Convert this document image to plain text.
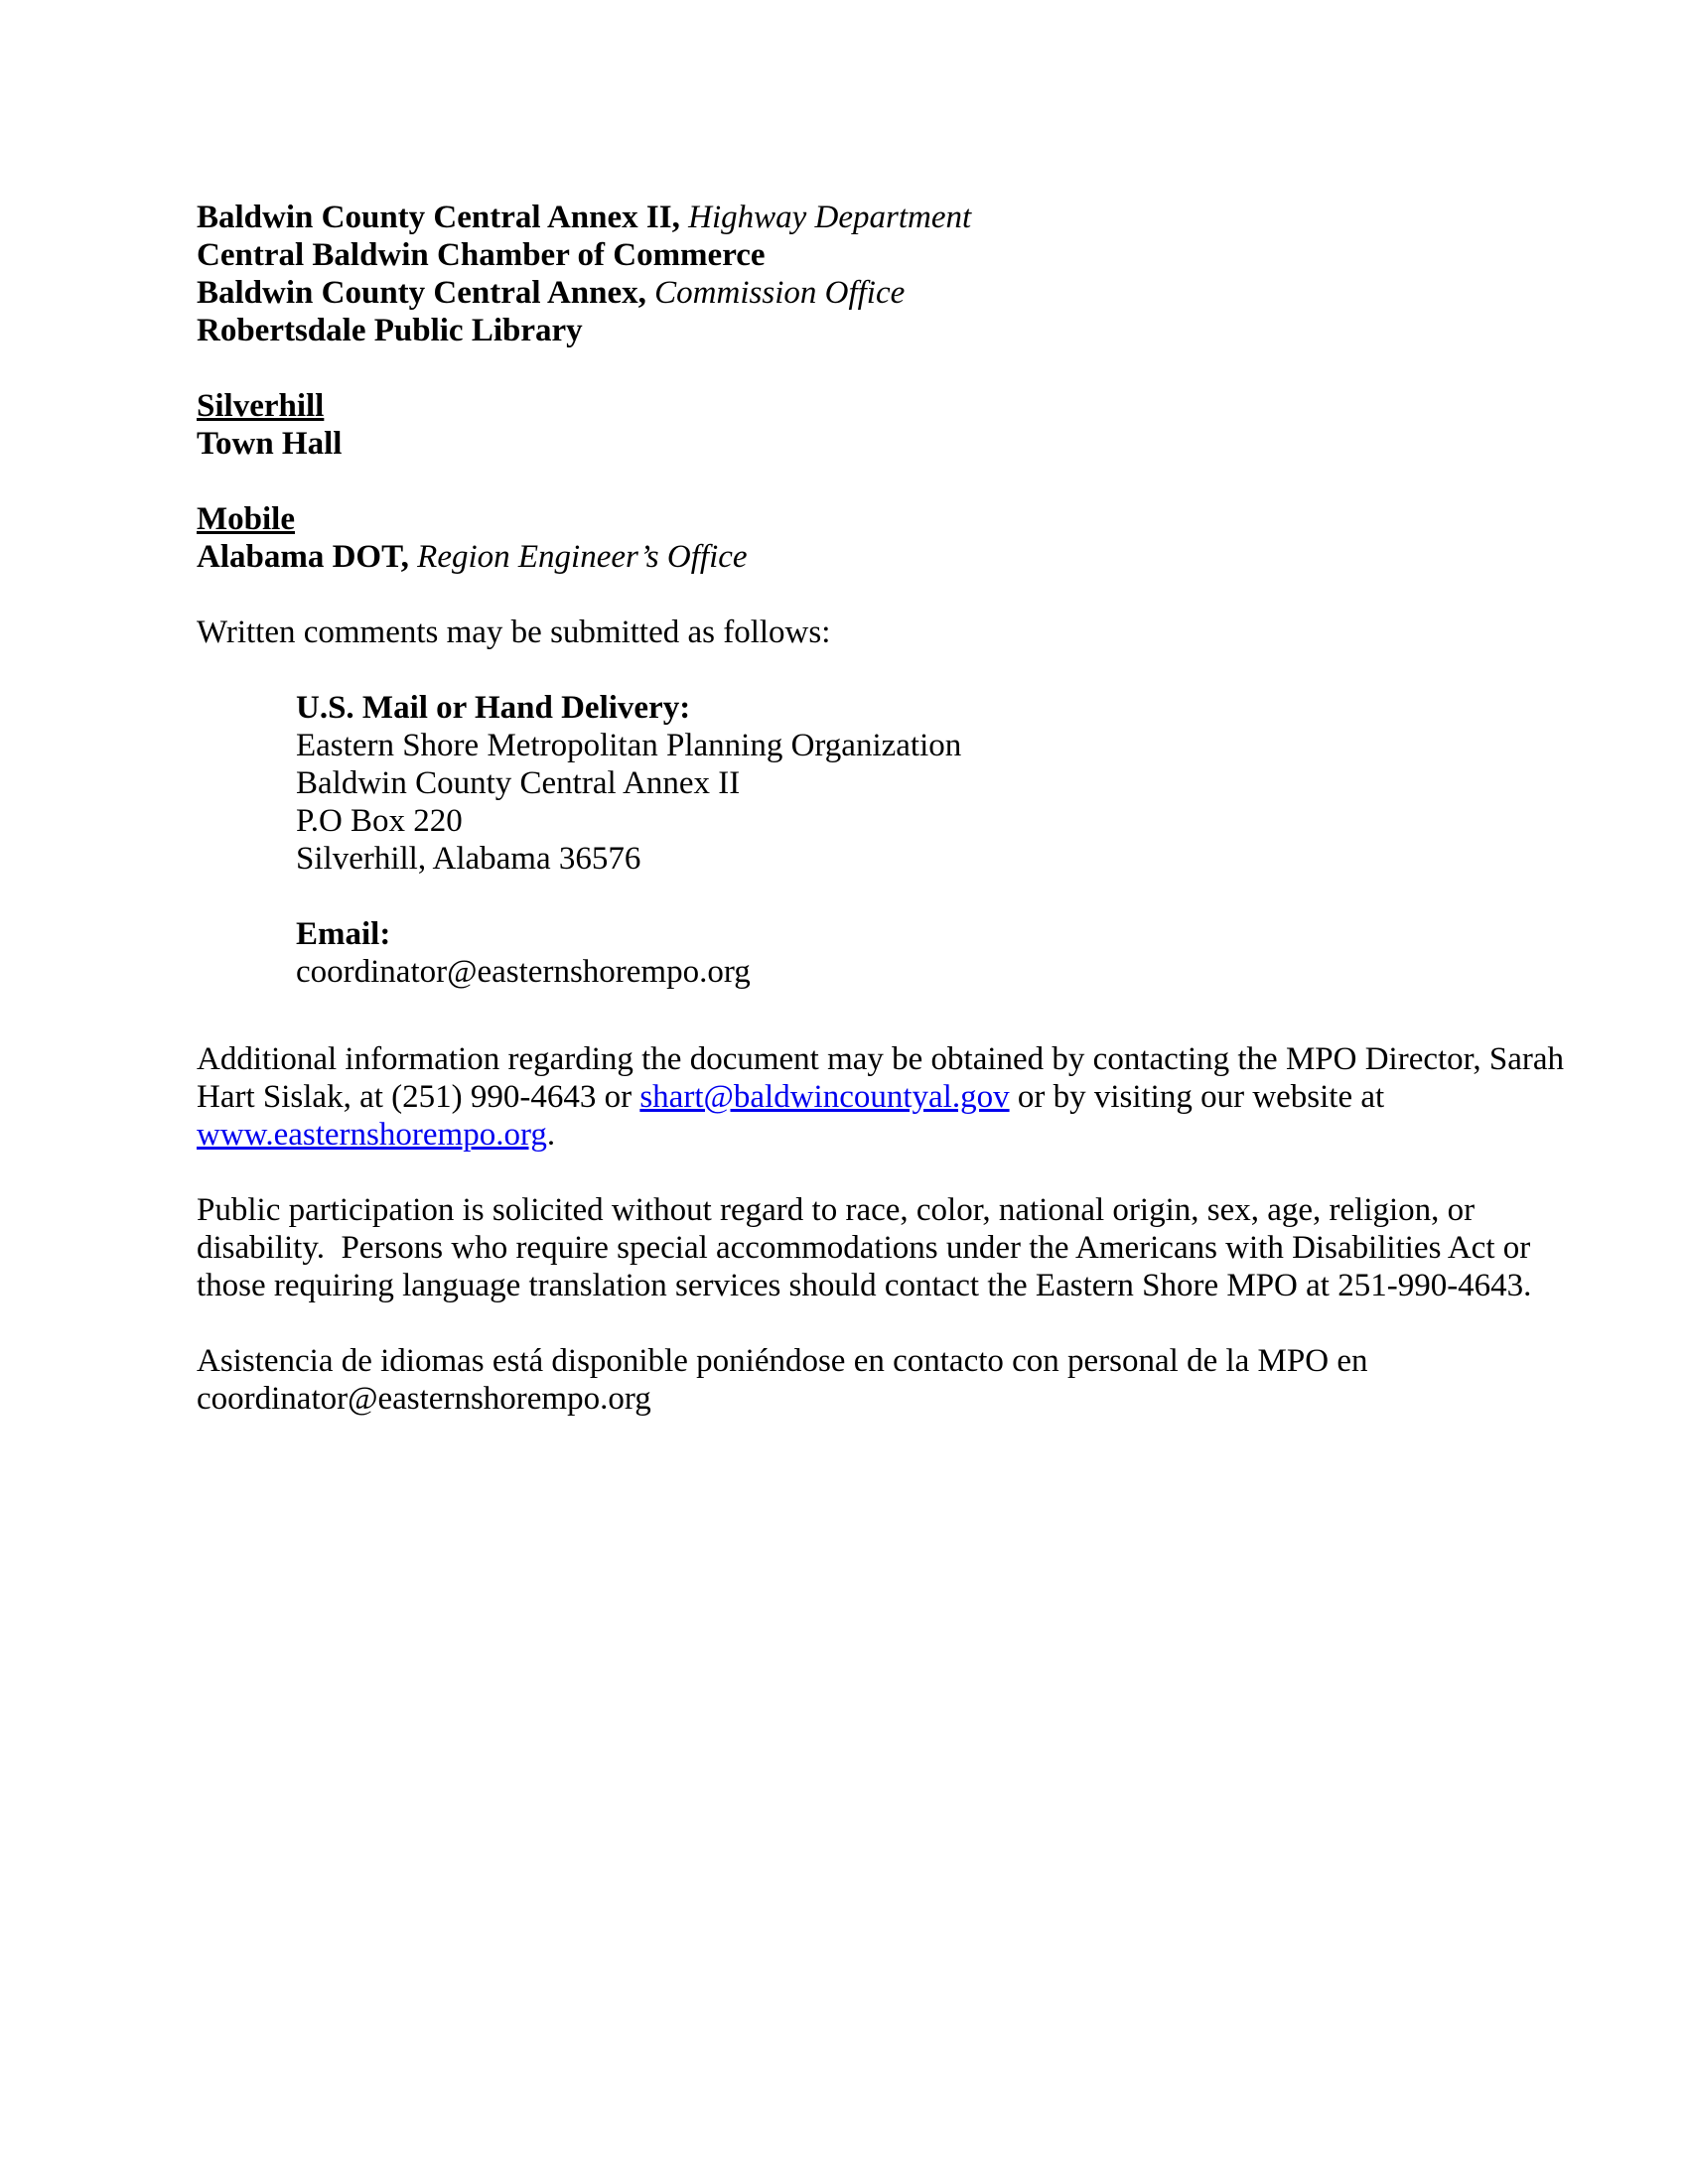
Baldwin County Central Annex II, Highway Department
Central Baldwin Chamber of Commerce
Baldwin County Central Annex, Commission Office
Robertsdale Public Library

Silverhill
Town Hall

Mobile
Alabama DOT, Region Engineer’s Office

Written comments may be submitted as follows:

U.S. Mail or Hand Delivery:
Eastern Shore Metropolitan Planning Organization
Baldwin County Central Annex II
P.O Box 220
Silverhill, Alabama 36576

Email:
coordinator@easternshorempo.org

Additional information regarding the document may be obtained by contacting the MPO Director, Sarah
Hart Sislak, at (251) 990-4643 or shart@baldwincountyal.gov or by visiting our website at
www.easternshorempo.org.

Public participation is solicited without regard to race, color, national origin, sex, age, religion, or
disability.  Persons who require special accommodations under the Americans with Disabilities Act or
those requiring language translation services should contact the Eastern Shore MPO at 251-990-4643.

Asistencia de idiomas está disponible poniéndose en contacto con personal de la MPO en
coordinator@easternshorempo.org
